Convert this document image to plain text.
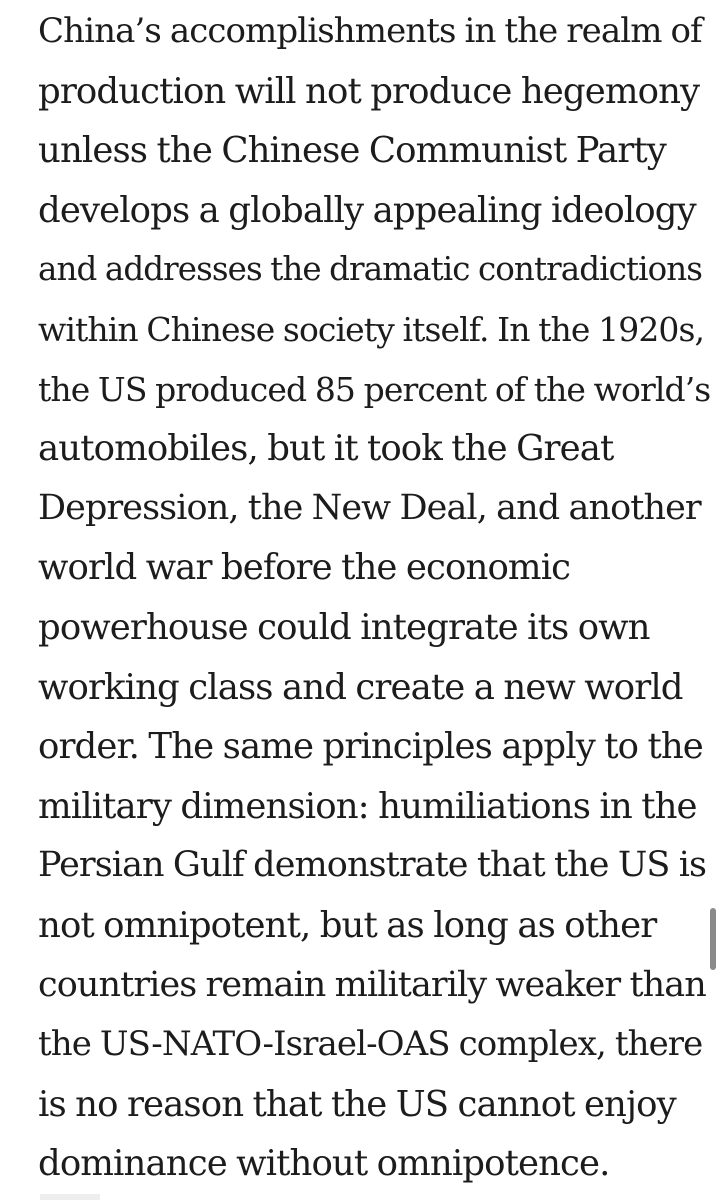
China’s accomplishments in the realm of
production will not produce hegemony
unless the Chinese Communist Party
develops a globally appealing ideology
and addresses the dramatic contradictions
within Chinese society itself. In the 1920s,
the US produced 85 percent of the world’s
automobiles, but it took the Great
Depression, the New Deal, and another
world war before the economic
powerhouse could integrate its own
working class and create a new world
order. The same principles apply to the
military dimension: humiliations in the
Persian Gulf demonstrate that the US is
not omnipotent, but as long as other
countries remain militarily weaker than
the US-NATO-Israel-OAS complex, there
is no reason that the US cannot enjoy
dominance without omnipotence.
